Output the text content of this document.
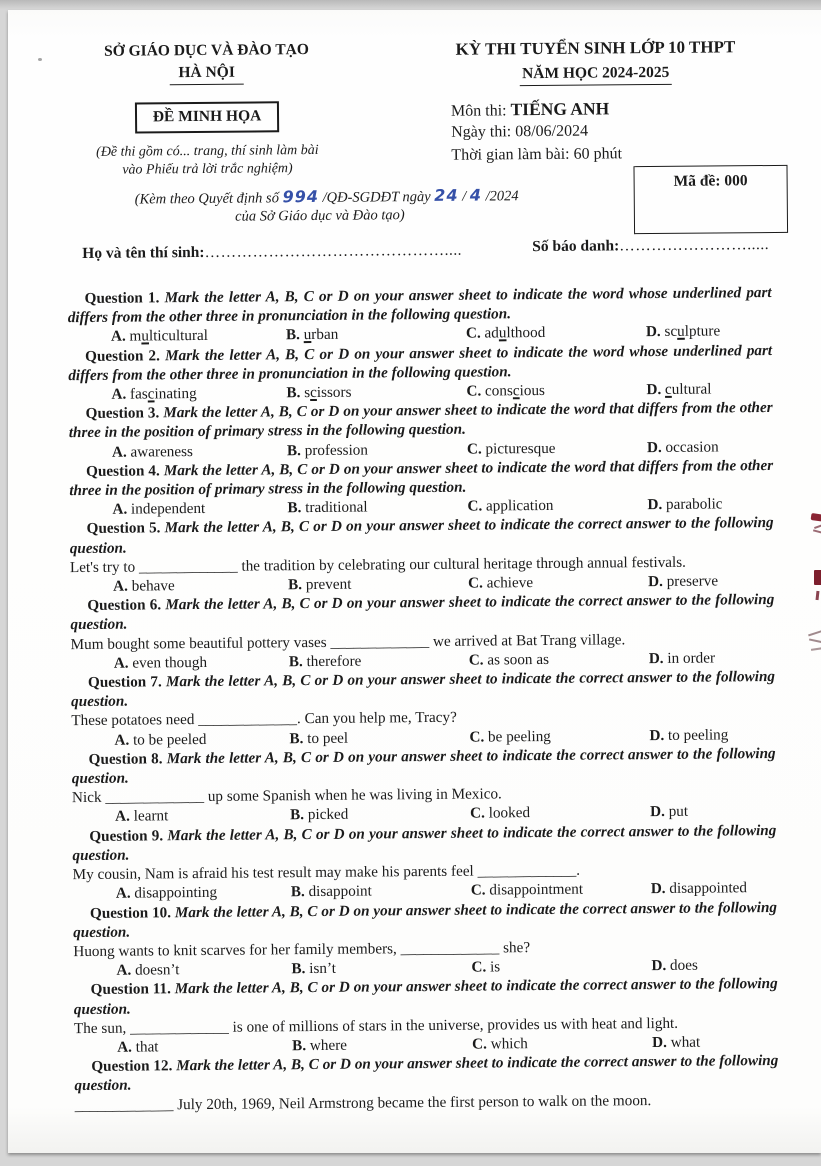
SỞ GIÁO DỤC VÀ ĐÀO TẠO
HÀ NỘI
ĐỀ MINH HỌA
(Đề thi gồm có... trang, thí sinh làm bài
vào Phiếu trả lời trắc nghiệm)
(Kèm theo Quyết định số 994 /QĐ-SGDĐT ngày 24 / 4 /2024
của Sở Giáo dục và Đào tạo)
KỲ THI TUYỂN SINH LỚP 10 THPT
NĂM HỌC 2024-2025
Môn thi: TIẾNG ANH
Ngày thi: 08/06/2024
Thời gian làm bài: 60 phút
Mã đề: 000
Họ và tên thí sinh:………………………………………....	Số báo danh:…………………….....

Question 1. Mark the letter A, B, C or D on your answer sheet to indicate the word whose underlined part differs from the other three in pronunciation in the following question.

A. multicultural	B. urban	C. adulthood	D. sculpture

Question 2. Mark the letter A, B, C or D on your answer sheet to indicate the word whose underlined part differs from the other three in pronunciation in the following question.

A. fascinating	B. scissors	C. conscious	D. cultural

Question 3. Mark the letter A, B, C or D on your answer sheet to indicate the word that differs from the other three in the position of primary stress in the following question.

A. awareness	B. profession	C. picturesque	D. occasion

Question 4. Mark the letter A, B, C or D on your answer sheet to indicate the word that differs from the other three in the position of primary stress in the following question.

A. independent	B. traditional	C. application	D. parabolic

Question 5. Mark the letter A, B, C or D on your answer sheet to indicate the correct answer to the following question.

Let's try to _____________ the tradition by celebrating our cultural heritage through annual festivals.

A. behave	B. prevent	C. achieve	D. preserve

Question 6. Mark the letter A, B, C or D on your answer sheet to indicate the correct answer to the following question.

Mum bought some beautiful pottery vases _____________ we arrived at Bat Trang village.

A. even though	B. therefore	C. as soon as	D. in order

Question 7. Mark the letter A, B, C or D on your answer sheet to indicate the correct answer to the following question.

These potatoes need _____________. Can you help me, Tracy?

A. to be peeled	B. to peel	C. be peeling	D. to peeling

Question 8. Mark the letter A, B, C or D on your answer sheet to indicate the correct answer to the following question.

Nick _____________ up some Spanish when he was living in Mexico.

A. learnt	B. picked	C. looked	D. put

Question 9. Mark the letter A, B, C or D on your answer sheet to indicate the correct answer to the following question.

My cousin, Nam is afraid his test result may make his parents feel _____________.

A. disappointing	B. disappoint	C. disappointment	D. disappointed

Question 10. Mark the letter A, B, C or D on your answer sheet to indicate the correct answer to the following question.

Huong wants to knit scarves for her family members, _____________ she?

A. doesn’t	B. isn’t	C. is	D. does

Question 11. Mark the letter A, B, C or D on your answer sheet to indicate the correct answer to the following question.

The sun, _____________ is one of millions of stars in the universe, provides us with heat and light.

A. that	B. where	C. which	D. what

Question 12. Mark the letter A, B, C or D on your answer sheet to indicate the correct answer to the following question.

_____________ July 20th, 1969, Neil Armstrong became the first person to walk on the moon.
